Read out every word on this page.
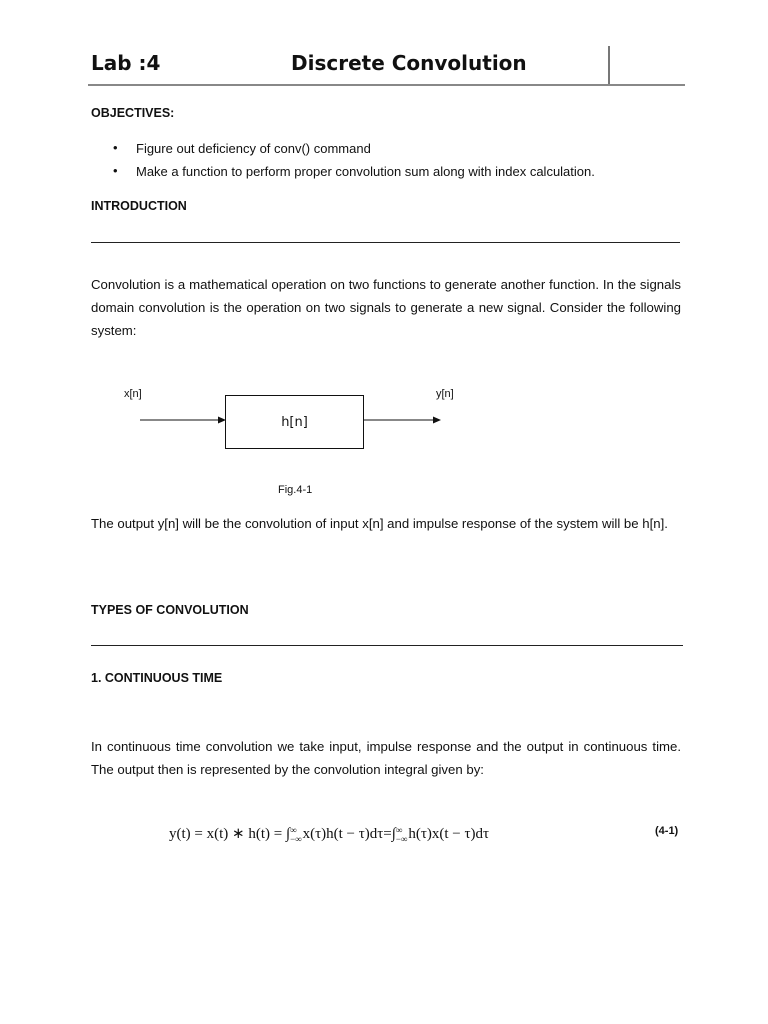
Lab :4	Discrete Convolution
OBJECTIVES:
• Figure out deficiency of conv() command
• Make a function to perform proper convolution sum along with index calculation.
INTRODUCTION
Convolution is a mathematical operation on two functions to generate another function. In the signals domain convolution is the operation on two signals to generate a new signal. Consider the following system:
x[n]	y[n]
h[n]
Fig.4-1
The output y[n] will be the convolution of input x[n] and impulse response of the system will be h[n].
TYPES OF CONVOLUTION
1. CONTINUOUS TIME
In continuous time convolution we take input, impulse response and the output in continuous time. The output then is represented by the convolution integral given by:
y(t) = x(t) ∗ h(t) = ∫ ∞
−∞ x(τ)h(t − τ)dτ=∫ ∞
−∞ h(τ)x(t − τ)dτ	(4-1)
